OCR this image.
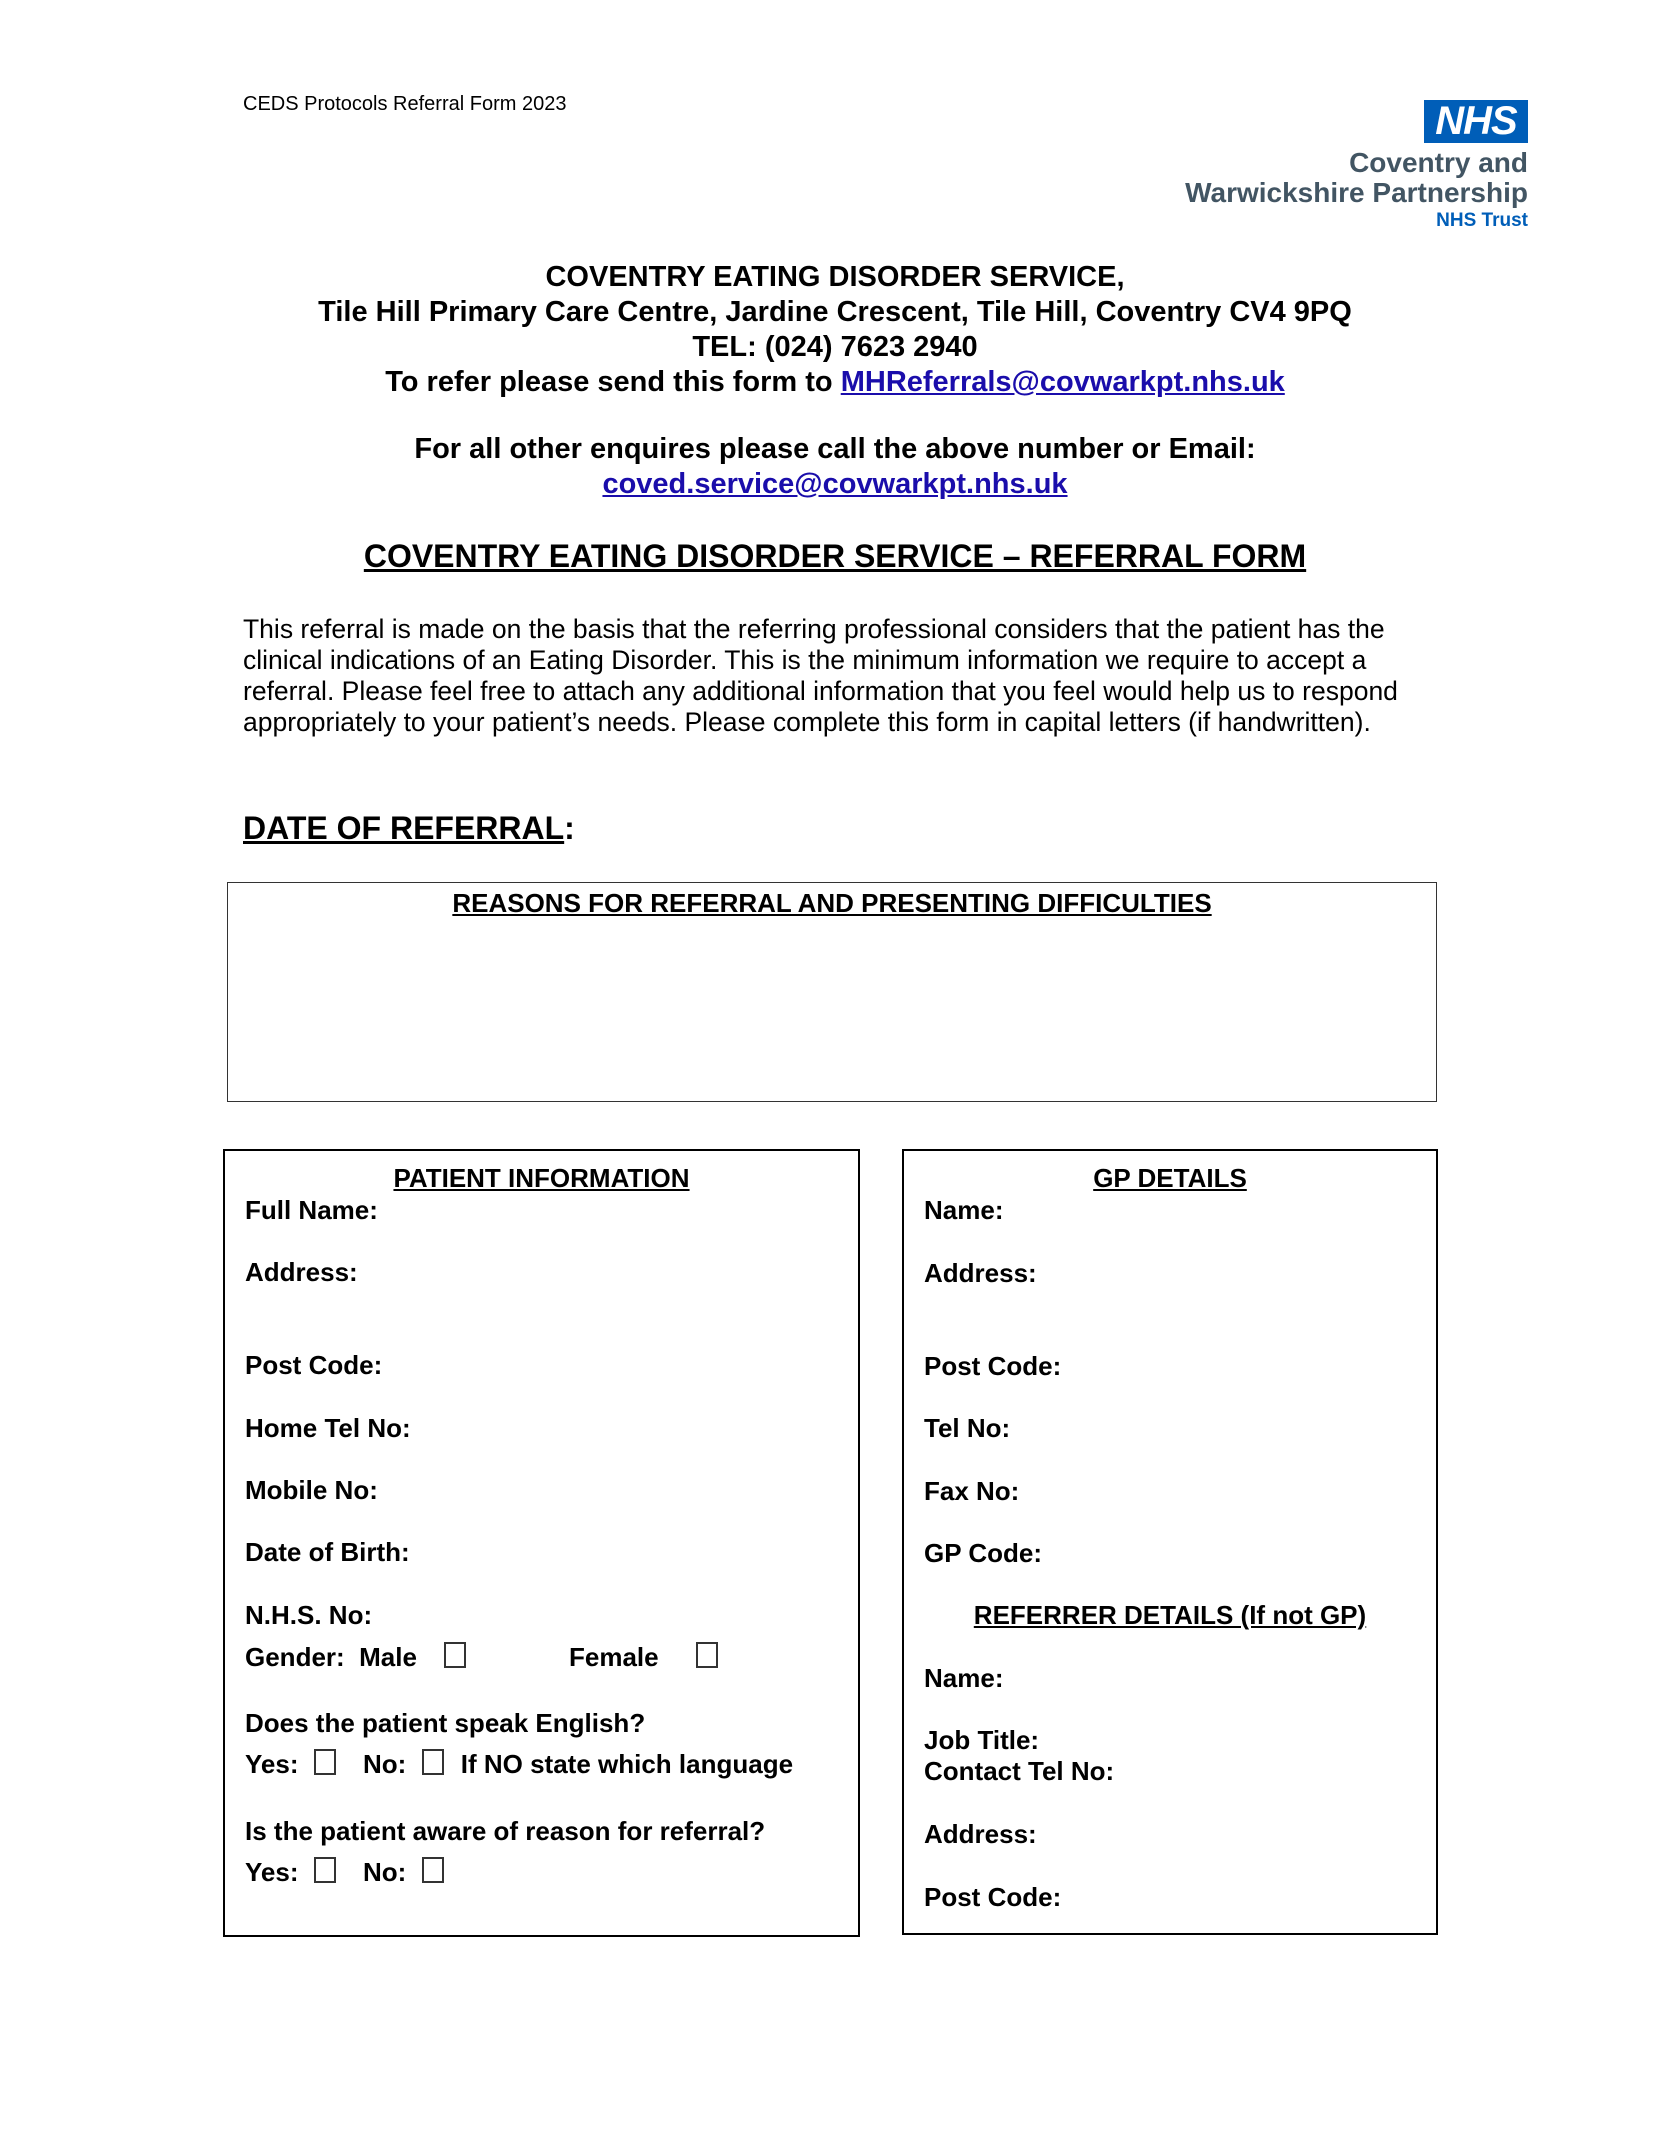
CEDS Protocols Referral Form 2023	NHS
Coventry and
Warwickshire Partnership
NHS Trust

COVENTRY EATING DISORDER SERVICE,

Tile Hill Primary Care Centre, Jardine Crescent, Tile Hill, Coventry CV4 9PQ

TEL: (024) 7623 2940

To refer please send this form to MHReferrals@covwarkpt.nhs.uk

For all other enquires please call the above number or Email:

coved.service@covwarkpt.nhs.uk

COVENTRY EATING DISORDER SERVICE – REFERRAL FORM
This referral is made on the basis that the referring professional considers that the patient has the clinical indications of an Eating Disorder. This is the minimum information we require to accept a referral. Please feel free to attach any additional information that you feel would help us to respond appropriately to your patient’s needs. Please complete this form in capital letters (if handwritten).
DATE OF REFERRAL:
REASONS FOR REFERRAL AND PRESENTING DIFFICULTIES
PATIENT INFORMATION
Full Name:
Address:
Post Code:
Home Tel No:
Mobile No:
Date of Birth:
N.H.S. No:
Gender: Male	Female
Does the patient speak English?
Yes: No: If NO state which language
Is the patient aware of reason for referral?
Yes: No:
GP DETAILS
Name:
Address:
Post Code:
Tel No:
Fax No:
GP Code:
REFERRER DETAILS (If not GP)
Name:
Job Title:
Contact Tel No:
Address:
Post Code:
